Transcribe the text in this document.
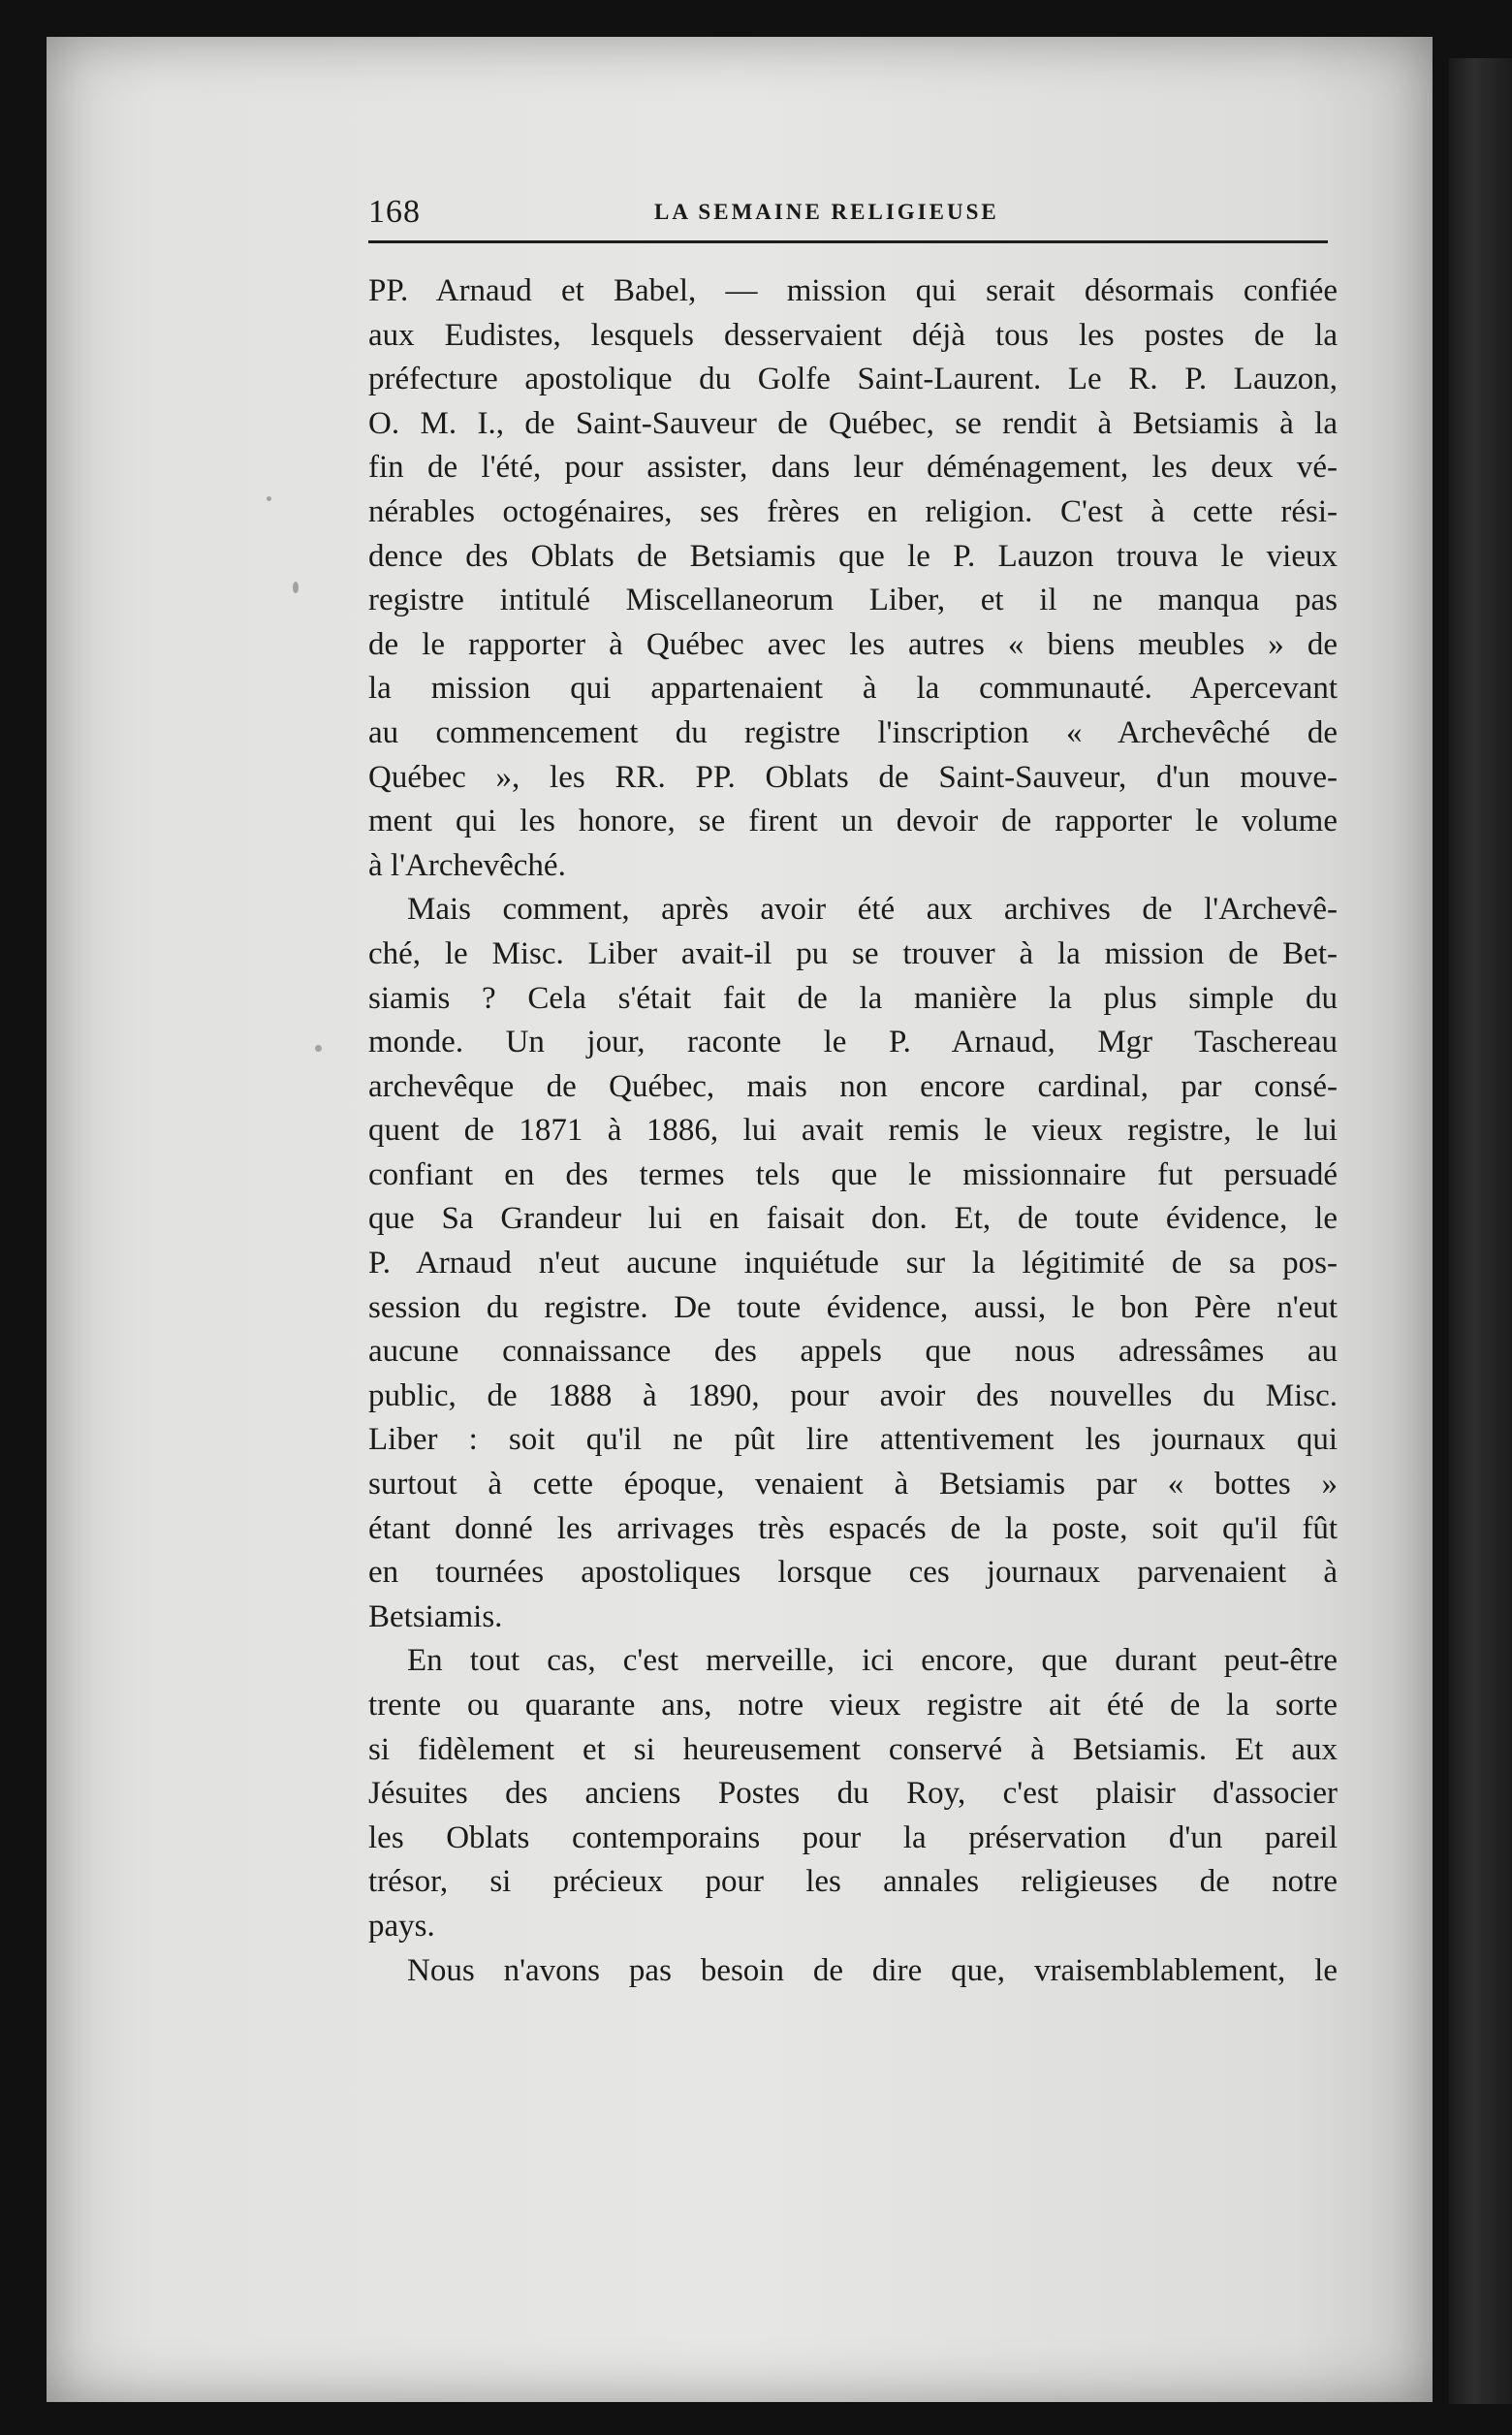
168	LA SEMAINE RELIGIEUSE
PP. Arnaud et Babel, — mission qui serait désormais confiée
aux Eudistes, lesquels desservaient déjà tous les postes de la
préfecture apostolique du Golfe Saint-Laurent. Le R. P. Lauzon,
O. M. I., de Saint-Sauveur de Québec, se rendit à Betsiamis à la
fin de l'été, pour assister, dans leur déménagement, les deux vé-
nérables octogénaires, ses frères en religion. C'est à cette rési-
dence des Oblats de Betsiamis que le P. Lauzon trouva le vieux
registre intitulé Miscellaneorum Liber, et il ne manqua pas
de le rapporter à Québec avec les autres « biens meubles » de
la mission qui appartenaient à la communauté. Apercevant
au commencement du registre l'inscription « Archevêché de
Québec », les RR. PP. Oblats de Saint-Sauveur, d'un mouve-
ment qui les honore, se firent un devoir de rapporter le volume
à l'Archevêché.
Mais comment, après avoir été aux archives de l'Archevê-
ché, le Misc. Liber avait-il pu se trouver à la mission de Bet-
siamis ? Cela s'était fait de la manière la plus simple du
monde. Un jour, raconte le P. Arnaud, Mgr Taschereau
archevêque de Québec, mais non encore cardinal, par consé-
quent de 1871 à 1886, lui avait remis le vieux registre, le lui
confiant en des termes tels que le missionnaire fut persuadé
que Sa Grandeur lui en faisait don. Et, de toute évidence, le
P. Arnaud n'eut aucune inquiétude sur la légitimité de sa pos-
session du registre. De toute évidence, aussi, le bon Père n'eut
aucune connaissance des appels que nous adressâmes au
public, de 1888 à 1890, pour avoir des nouvelles du Misc.
Liber : soit qu'il ne pût lire attentivement les journaux qui
surtout à cette époque, venaient à Betsiamis par « bottes »
étant donné les arrivages très espacés de la poste, soit qu'il fût
en tournées apostoliques lorsque ces journaux parvenaient à
Betsiamis.
En tout cas, c'est merveille, ici encore, que durant peut-être
trente ou quarante ans, notre vieux registre ait été de la sorte
si fidèlement et si heureusement conservé à Betsiamis. Et aux
Jésuites des anciens Postes du Roy, c'est plaisir d'associer
les Oblats contemporains pour la préservation d'un pareil
trésor, si précieux pour les annales religieuses de notre
pays.
Nous n'avons pas besoin de dire que, vraisemblablement, le
